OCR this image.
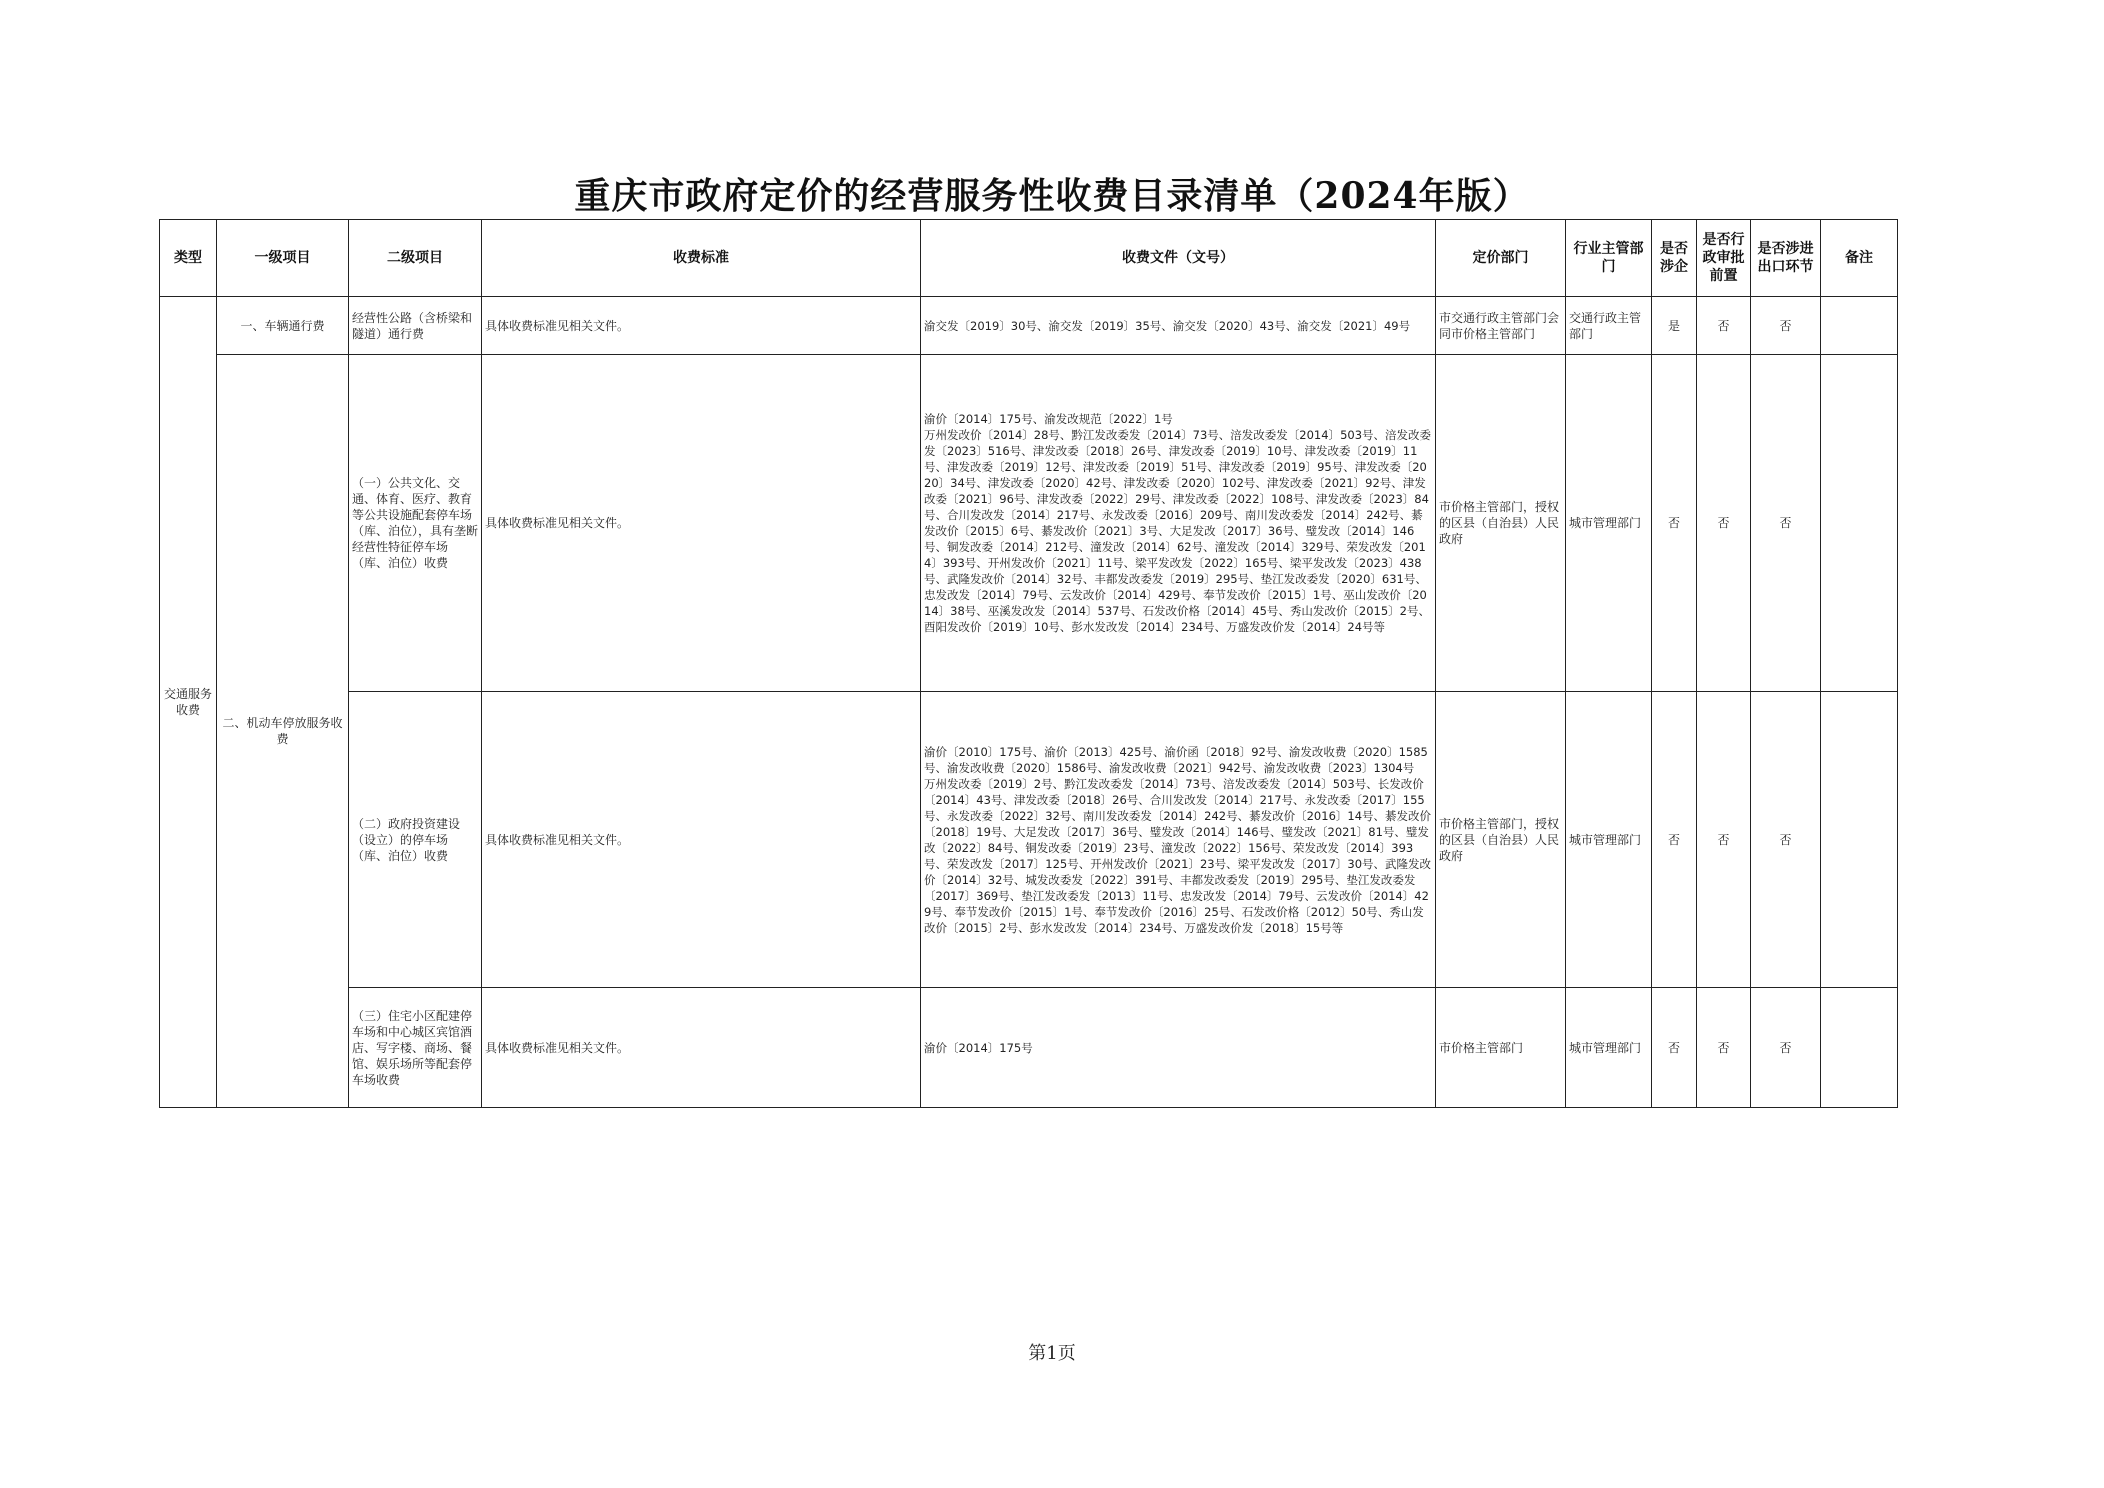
重庆市政府定价的经营服务性收费目录清单（2024年版）
类型	一级项目	二级项目	收费标准	收费文件（文号）	定价部门	行业主管部门	是否涉企	是否行政审批前置	是否涉进出口环节	备注
交通服务收费	一、车辆通行费	经营性公路（含桥梁和隧道）通行费	具体收费标准见相关文件。	渝交发〔2019〕30号、渝交发〔2019〕35号、渝交发〔2020〕43号、渝交发〔2021〕49号	市交通行政主管部门会同市价格主管部门	交通行政主管部门	是	否	否	
	二、机动车停放服务收费	（一）公共文化、交通、体育、医疗、教育等公共设施配套停车场（库、泊位），具有垄断经营性特征停车场（库、泊位）收费	具体收费标准见相关文件。	渝价〔2014〕175号、渝发改规范〔2022〕1号
万州发改价〔2014〕28号、黔江发改委发〔2014〕73号、涪发改委发〔2014〕503号、涪发改委发〔2023〕516号、津发改委〔2018〕26号、津发改委〔2019〕10号、津发改委〔2019〕11号、津发改委〔2019〕12号、津发改委〔2019〕51号、津发改委〔2019〕95号、津发改委〔2020〕34号、津发改委〔2020〕42号、津发改委〔2020〕102号、津发改委〔2021〕92号、津发改委〔2021〕96号、津发改委〔2022〕29号、津发改委〔2022〕108号、津发改委〔2023〕84号、合川发改发〔2014〕217号、永发改委〔2016〕209号、南川发改委发〔2014〕242号、綦发改价〔2015〕6号、綦发改价〔2021〕3号、大足发改〔2017〕36号、璧发改〔2014〕146号、铜发改委〔2014〕212号、潼发改〔2014〕62号、潼发改〔2014〕329号、荣发改发〔2014〕393号、开州发改价〔2021〕11号、梁平发改发〔2022〕165号、梁平发改发〔2023〕438号、武隆发改价〔2014〕32号、丰都发改委发〔2019〕295号、垫江发改委发〔2020〕631号、忠发改发〔2014〕79号、云发改价〔2014〕429号、奉节发改价〔2015〕1号、巫山发改价〔2014〕38号、巫溪发改发〔2014〕537号、石发改价格〔2014〕45号、秀山发改价〔2015〕2号、酉阳发改价〔2019〕10号、彭水发改发〔2014〕234号、万盛发改价发〔2014〕24号等	市价格主管部门，授权的区县（自治县）人民政府	城市管理部门	否	否	否	
		（二）政府投资建设（设立）的停车场（库、泊位）收费	具体收费标准见相关文件。	渝价〔2010〕175号、渝价〔2013〕425号、渝价函〔2018〕92号、渝发改收费〔2020〕1585号、渝发改收费〔2020〕1586号、渝发改收费〔2021〕942号、渝发改收费〔2023〕1304号
万州发改委〔2019〕2号、黔江发改委发〔2014〕73号、涪发改委发〔2014〕503号、长发改价〔2014〕43号、津发改委〔2018〕26号、合川发改发〔2014〕217号、永发改委〔2017〕155号、永发改委〔2022〕32号、南川发改委发〔2014〕242号、綦发改价〔2016〕14号、綦发改价〔2018〕19号、大足发改〔2017〕36号、璧发改〔2014〕146号、璧发改〔2021〕81号、璧发改〔2022〕84号、铜发改委〔2019〕23号、潼发改〔2022〕156号、荣发改发〔2014〕393号、荣发改发〔2017〕125号、开州发改价〔2021〕23号、梁平发改发〔2017〕30号、武隆发改价〔2014〕32号、城发改委发〔2022〕391号、丰都发改委发〔2019〕295号、垫江发改委发〔2017〕369号、垫江发改委发〔2013〕11号、忠发改发〔2014〕79号、云发改价〔2014〕429号、奉节发改价〔2015〕1号、奉节发改价〔2016〕25号、石发改价格〔2012〕50号、秀山发改价〔2015〕2号、彭水发改发〔2014〕234号、万盛发改价发〔2018〕15号等	市价格主管部门，授权的区县（自治县）人民政府	城市管理部门	否	否	否	
		（三）住宅小区配建停车场和中心城区宾馆酒店、写字楼、商场、餐馆、娱乐场所等配套停车场收费	具体收费标准见相关文件。	渝价〔2014〕175号	市价格主管部门	城市管理部门	否	否	否	
第1页
